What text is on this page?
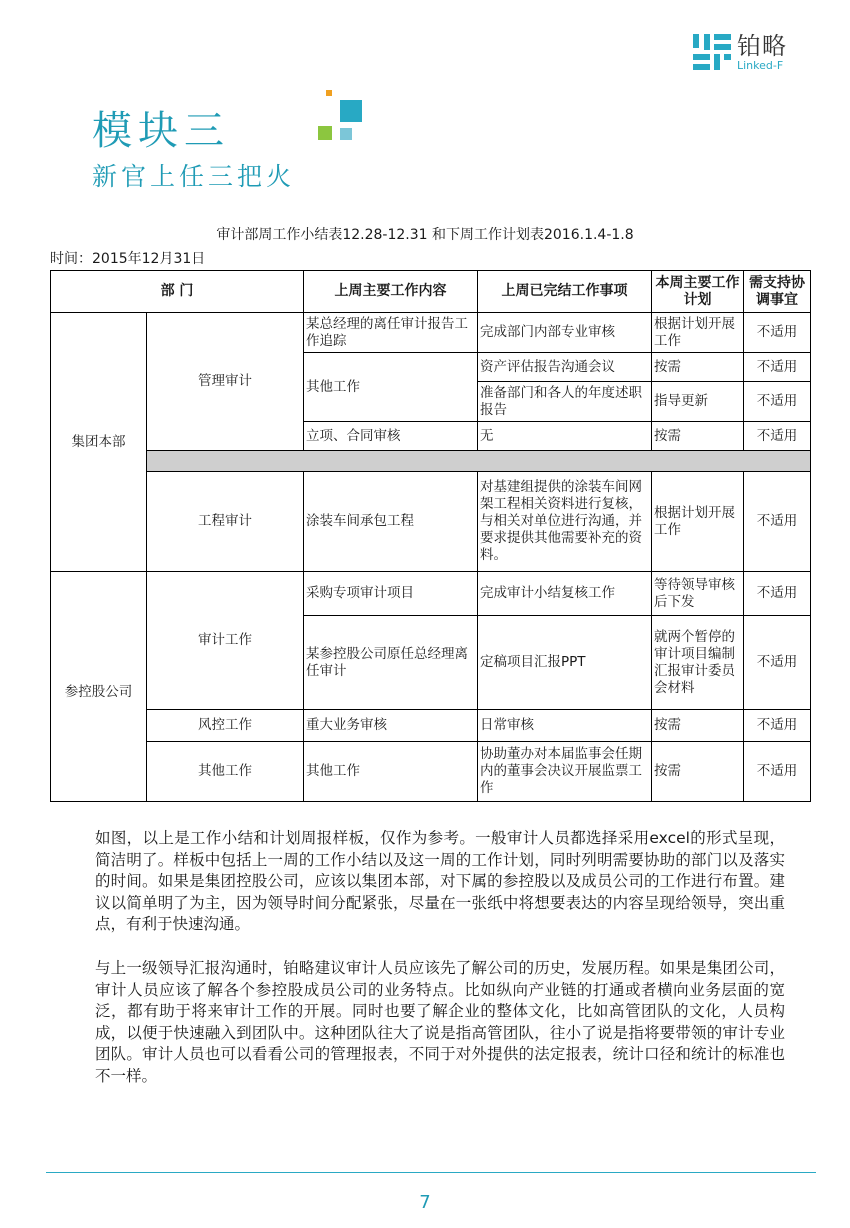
铂略
Linked-F
模块三
新官上任三把火
审计部周工作小结表12.28-12.31 和下周工作计划表2016.1.4-1.8
时间：2015年12月31日
部 门		上周主要工作内容	上周已完结工作事项	本周主要工作计划	需支持协调事宜
集团本部	管理审计	某总经理的离任审计报告工作追踪	完成部门内部专业审核	根据计划开展工作	不适用
		其他工作	资产评估报告沟通会议	按需	不适用
			准备部门和各人的年度述职报告	指导更新	不适用
		立项、合同审核	无	按需	不适用

	工程审计	涂装车间承包工程	对基建组提供的涂装车间网架工程相关资料进行复核，与相关对单位进行沟通，并要求提供其他需要补充的资料。	根据计划开展工作	不适用
参控股公司	审计工作	采购专项审计项目	完成审计小结复核工作	等待领导审核后下发	不适用
		某参控股公司原任总经理离任审计	定稿项目汇报PPT	就两个暂停的审计项目编制汇报审计委员会材料	不适用
	风控工作	重大业务审核	日常审核	按需	不适用
	其他工作	其他工作	协助董办对本届监事会任期内的董事会决议开展监票工作	按需	不适用
如图，以上是工作小结和计划周报样板，仅作为参考。一般审计人员都选择采用excel的形式呈现，简洁明了。样板中包括上一周的工作小结以及这一周的工作计划，同时列明需要协助的部门以及落实的时间。如果是集团控股公司，应该以集团本部，对下属的参控股以及成员公司的工作进行布置。建议以简单明了为主，因为领导时间分配紧张，尽量在一张纸中将想要表达的内容呈现给领导，突出重点，有利于快速沟通。
与上一级领导汇报沟通时，铂略建议审计人员应该先了解公司的历史，发展历程。如果是集团公司，审计人员应该了解各个参控股成员公司的业务特点。比如纵向产业链的打通或者横向业务层面的宽泛，都有助于将来审计工作的开展。同时也要了解企业的整体文化，比如高管团队的文化，人员构成，以便于快速融入到团队中。这种团队往大了说是指高管团队，往小了说是指将要带领的审计专业团队。审计人员也可以看看公司的管理报表，不同于对外提供的法定报表，统计口径和统计的标准也不一样。
7
